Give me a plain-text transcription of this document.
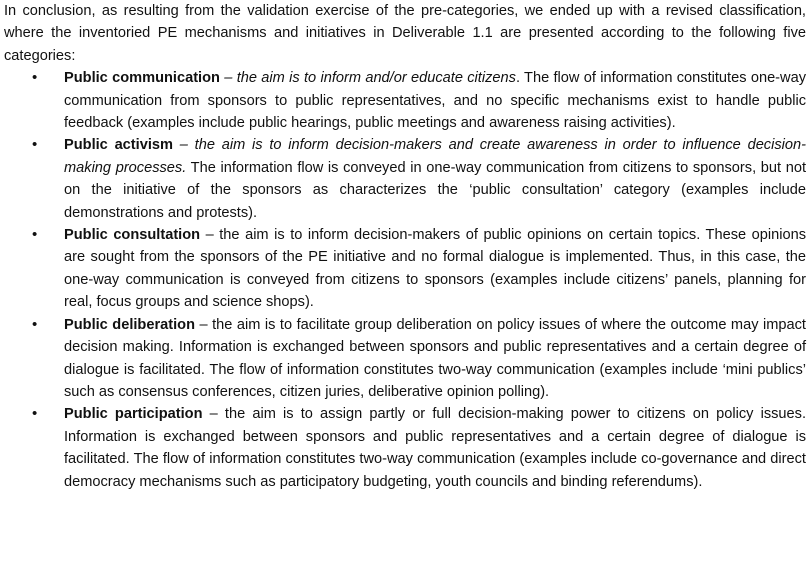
In conclusion, as resulting from the validation exercise of the pre-categories, we ended up with a revised classification, where the inventoried PE mechanisms and initiatives in Deliverable 1.1 are presented according to the following five categories:

• Public communication – the aim is to inform and/or educate citizens. The flow of information constitutes one-way communication from sponsors to public representatives, and no specific mechanisms exist to handle public feedback (examples include public hearings, public meetings and awareness raising activities).
• Public activism – the aim is to inform decision-makers and create awareness in order to influence decision-making processes. The information flow is conveyed in one-way communication from citizens to sponsors, but not on the initiative of the sponsors as characterizes the ‘public consultation’ category (examples include demonstrations and protests).
• Public consultation – the aim is to inform decision-makers of public opinions on certain topics. These opinions are sought from the sponsors of the PE initiative and no formal dialogue is implemented. Thus, in this case, the one-way communication is conveyed from citizens to sponsors (examples include citizens’ panels, planning for real, focus groups and science shops).
• Public deliberation – the aim is to facilitate group deliberation on policy issues of where the outcome may impact decision making. Information is exchanged between sponsors and public representatives and a certain degree of dialogue is facilitated. The flow of information constitutes two-way communication (examples include ‘mini publics’ such as consensus conferences, citizen juries, deliberative opinion polling).
• Public participation – the aim is to assign partly or full decision-making power to citizens on policy issues. Information is exchanged between sponsors and public representatives and a certain degree of dialogue is facilitated. The flow of information constitutes two-way communication (examples include co-governance and direct democracy mechanisms such as participatory budgeting, youth councils and binding referendums).
